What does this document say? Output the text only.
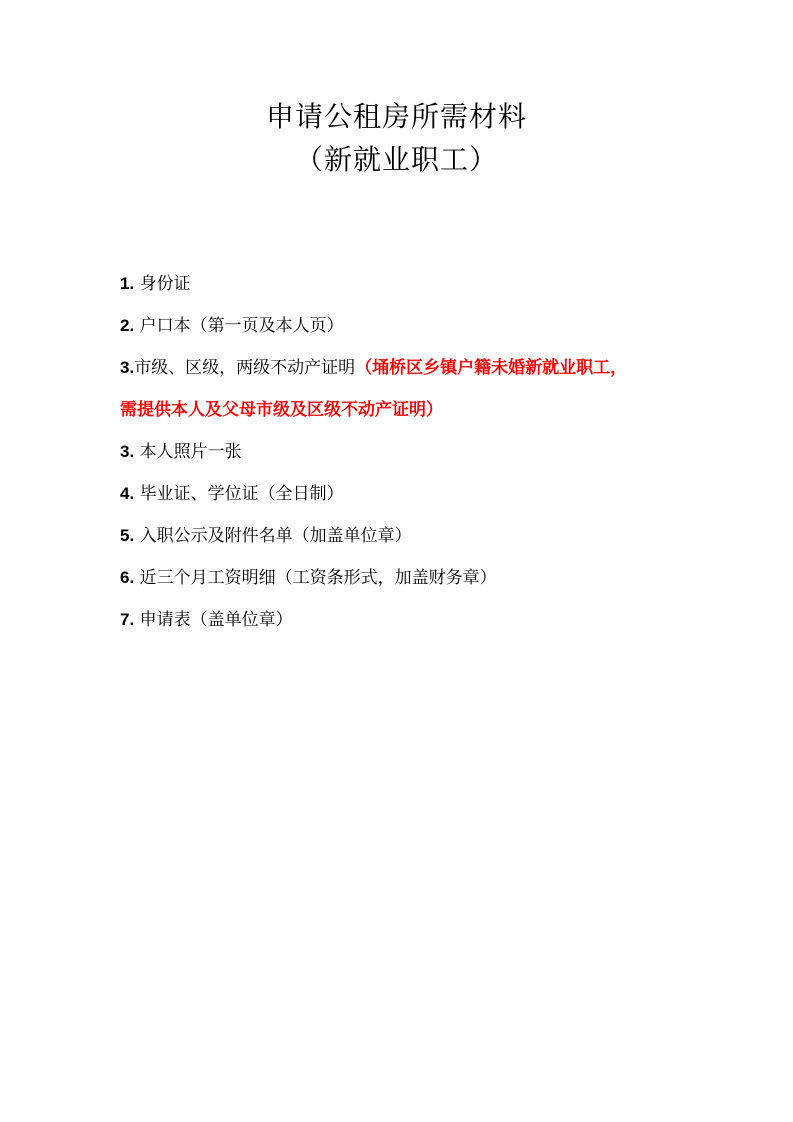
申请公租房所需材料
（新就业职工）
1. 身份证
2. 户口本（第一页及本人页）
3.市级、区级，两级不动产证明（埇桥区乡镇户籍未婚新就业职工，
需提供本人及父母市级及区级不动产证明）
3. 本人照片一张
4. 毕业证、学位证（全日制）
5. 入职公示及附件名单（加盖单位章）
6. 近三个月工资明细（工资条形式，加盖财务章）
7. 申请表（盖单位章）
